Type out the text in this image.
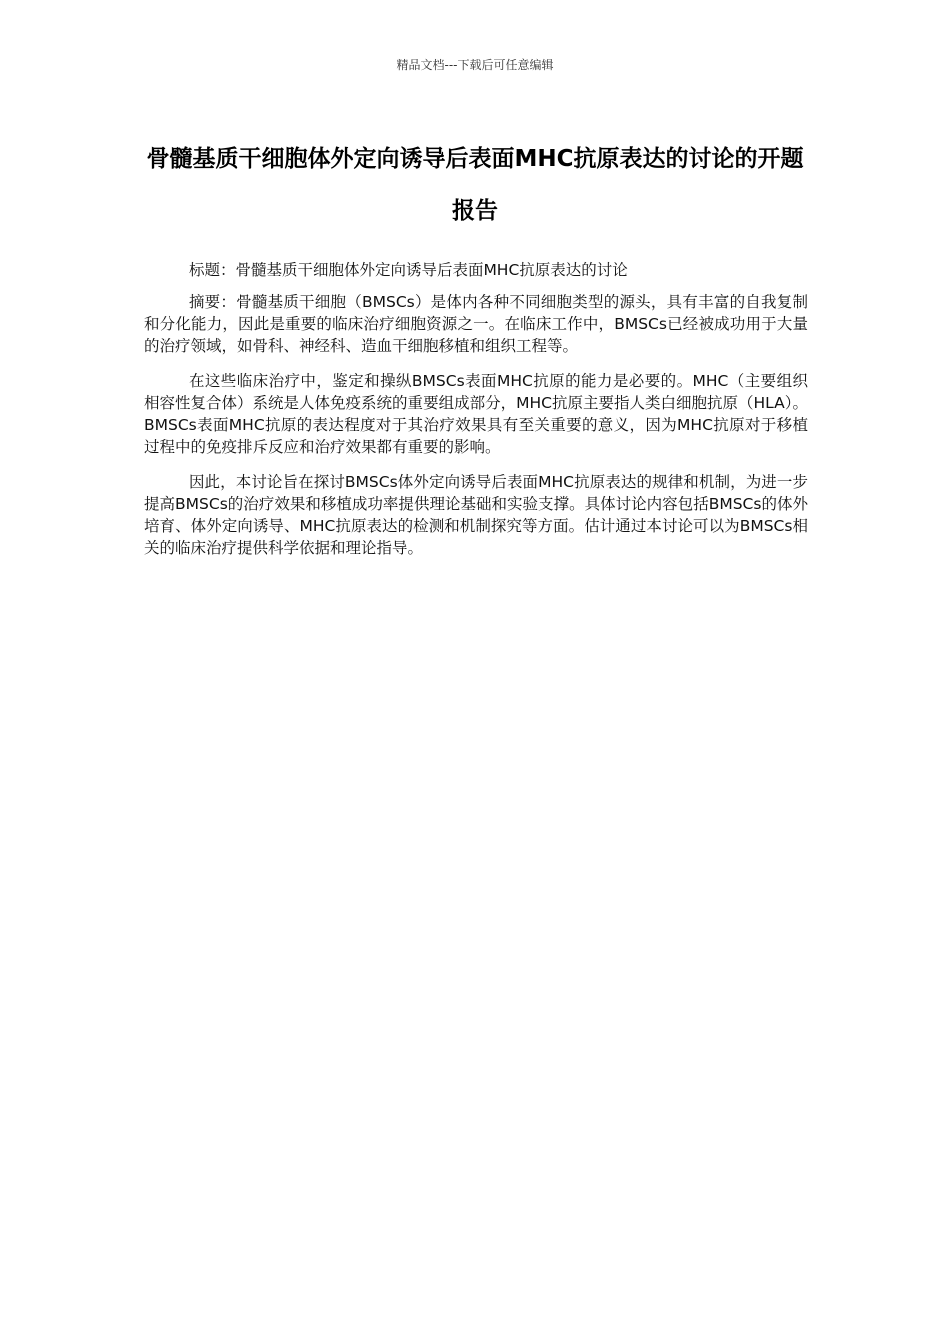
精品文档---下载后可任意编辑
骨髓基质干细胞体外定向诱导后表面MHC抗原表达的讨论的开题报告

标题：骨髓基质干细胞体外定向诱导后表面MHC抗原表达的讨论

摘要：骨髓基质干细胞（BMSCs）是体内各种不同细胞类型的源头，具有丰富的自我复制和分化能力，因此是重要的临床治疗细胞资源之一。在临床工作中，BMSCs已经被成功用于大量的治疗领域，如骨科、神经科、造血干细胞移植和组织工程等。

在这些临床治疗中，鉴定和操纵BMSCs表面MHC抗原的能力是必要的。MHC（主要组织相容性复合体）系统是人体免疫系统的重要组成部分，MHC抗原主要指人类白细胞抗原（HLA）。BMSCs表面MHC抗原的表达程度对于其治疗效果具有至关重要的意义，因为MHC抗原对于移植过程中的免疫排斥反应和治疗效果都有重要的影响。

因此，本讨论旨在探讨BMSCs体外定向诱导后表面MHC抗原表达的规律和机制，为进一步提高BMSCs的治疗效果和移植成功率提供理论基础和实验支撑。具体讨论内容包括BMSCs的体外培育、体外定向诱导、MHC抗原表达的检测和机制探究等方面。估计通过本讨论可以为BMSCs相关的临床治疗提供科学依据和理论指导。
